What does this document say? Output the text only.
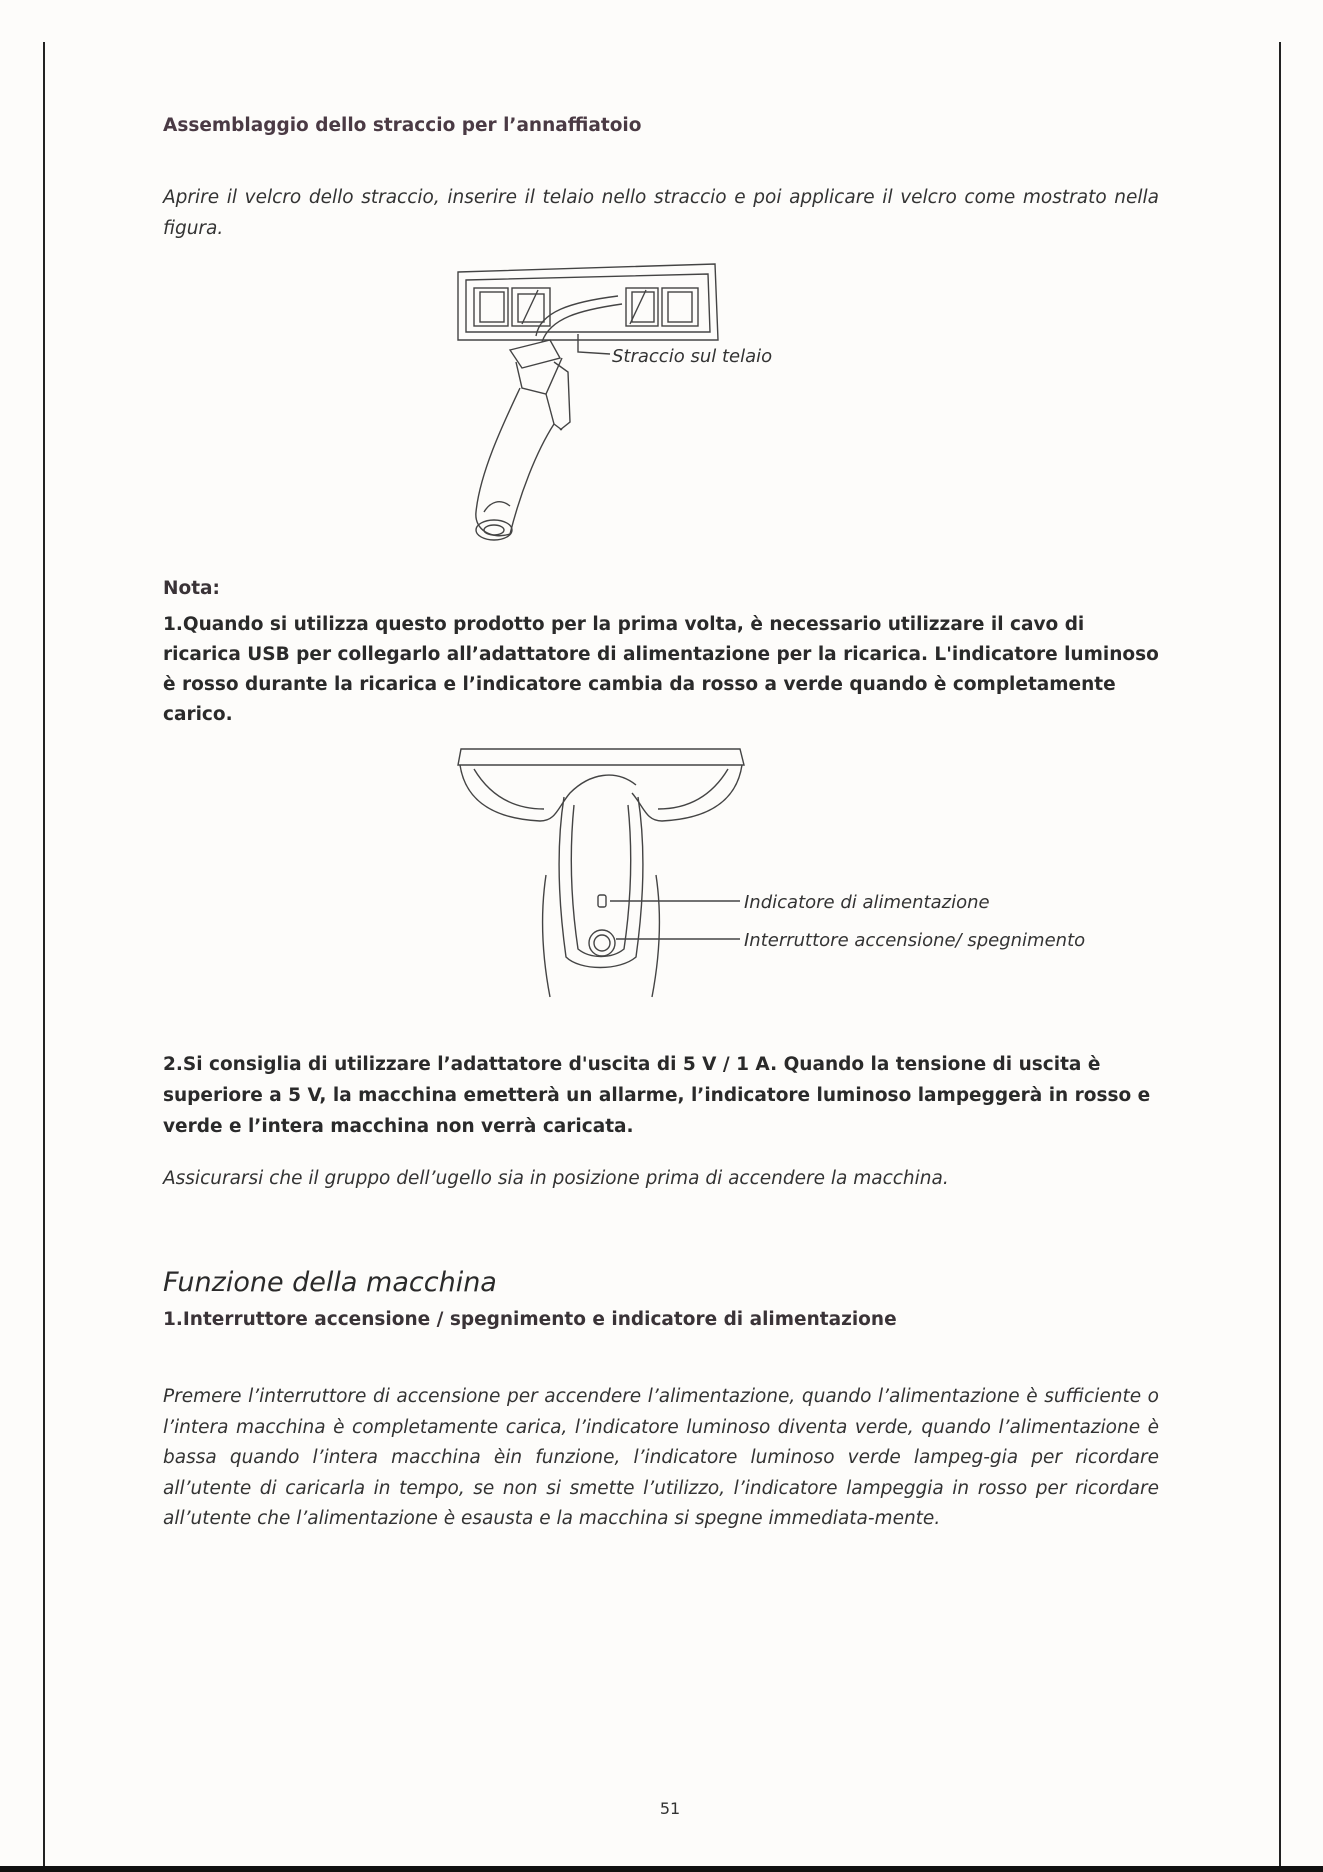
Assemblaggio dello straccio per l’annaffiatoio
Aprire il velcro dello straccio, inserire il telaio nello straccio e poi applicare il velcro come mostrato nella figura.
Straccio sul telaio
Nota:
1.Quando si utilizza questo prodotto per la prima volta, è necessario utilizzare il cavo di ricarica USB per collegarlo all’adattatore di alimentazione per la ricarica. L'indicatore luminoso è rosso durante la ricarica e l’indicatore cambia da rosso a verde quando è completamente carico.
Indicatore di alimentazione
Interruttore accensione/ spegnimento
2.Si consiglia di utilizzare l’adattatore d'uscita di 5 V / 1 A. Quando la tensione di uscita è superiore a 5 V, la macchina emetterà un allarme, l’indicatore luminoso lampeggerà in rosso e verde e l’intera macchina non verrà caricata.
Assicurarsi che il gruppo dell’ugello sia in posizione prima di accendere la macchina.
Funzione della macchina
1.Interruttore accensione / spegnimento e indicatore di alimentazione
Premere l’interruttore di accensione per accendere l’alimentazione, quando l’alimentazione è sufficiente o l’intera macchina è completamente carica, l’indicatore luminoso diventa verde, quando l’alimentazione è bassa quando l’intera macchina èin funzione, l’indicatore luminoso verde lampeg-gia per ricordare all’utente di caricarla in tempo, se non si smette l’utilizzo, l’indicatore lampeggia in rosso per ricordare all’utente che l’alimentazione è esausta e la macchina si spegne immediata-mente.
51
